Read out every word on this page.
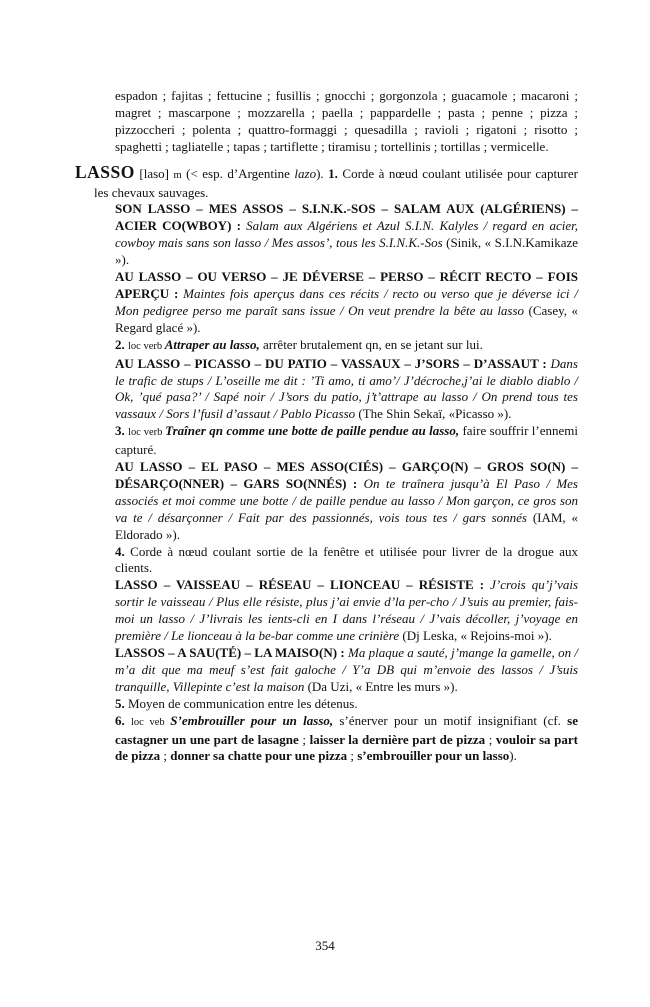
espadon ; fajitas ; fettucine ; fusillis ; gnocchi ; gorgonzola ; guacamole ; macaroni ; magret ; mascarpone ; mozzarella ; paella ; pappardelle ; pasta ; penne ; pizza ; pizzoccheri ; polenta ; quattro-formaggi ; quesadilla ; ravioli ; rigatoni ; risotto ; spaghetti ; tagliatelle ; tapas ; tartiflette ; tiramisu ; tortellinis ; tortillas ; vermicelle.

LASSO [laso] m (< esp. d’Argentine lazo). 1. Corde à nœud coulant utilisée pour capturer les chevaux sauvages.

SON LASSO – MES ASSOS – S.I.N.K.-SOS – SALAM AUX (ALGÉRIENS) – ACIER CO(WBOY) : Salam aux Algériens et Azul S.I.N. Kalyles / regard en acier, cowboy mais sans son lasso / Mes assos’, tous les S.I.N.K.-Sos (Sinik, « S.I.N.Kamikaze »).

AU LASSO – OU VERSO – JE DÉVERSE – PERSO – RÉCIT RECTO – FOIS APERÇU : Maintes fois aperçus dans ces récits / recto ou verso que je déverse ici / Mon pedigree perso me paraît sans issue / On veut prendre la bête au lasso (Casey, « Regard glacé »).

2. loc verb Attraper au lasso, arrêter brutalement qn, en se jetant sur lui.

AU LASSO – PICASSO – DU PATIO – VASSAUX – J’SORS – D’ASSAUT : Dans le trafic de stups / L’oseille me dit : ’Ti amo, ti amo’/ J’décroche,j’ai le diablo diablo / Ok, ’qué pasa?’ / Sapé noir / J’sors du patio, j’t’attrape au lasso / On prend tous tes vassaux / Sors l’fusil d’assaut / Pablo Picasso (The Shin Sekaï, «Picasso »).

3. loc verb Traîner qn comme une botte de paille pendue au lasso, faire souffrir l’ennemi capturé.

AU LASSO – EL PASO – MES ASSO(CIÉS) – GARÇO(N) – GROS SO(N) – DÉSARÇO(NNER) – GARS SO(NNÉS) : On te traînera jusqu’à El Paso / Mes associés et moi comme une botte / de paille pendue au lasso / Mon garçon, ce gros son va te / désarçonner / Fait par des passionnés, vois tous tes / gars sonnés (IAM, « Eldorado »).

4. Corde à nœud coulant sortie de la fenêtre et utilisée pour livrer de la drogue aux clients.

LASSO – VAISSEAU – RÉSEAU – LIONCEAU – RÉSISTE : J’crois qu’j’vais sortir le vaisseau / Plus elle résiste, plus j’ai envie d’la per-cho / J’suis au premier, fais-moi un lasso / J’livrais les ients-cli en I dans l’réseau / J’vais décoller, j’voyage en première / Le lionceau à la be-bar comme une crinière (Dj Leska, « Rejoins-moi »).

LASSOS – A SAU(TÉ) – LA MAISO(N) : Ma plaque a sauté, j’mange la gamelle, on / m’a dit que ma meuf s’est fait galoche / Y’a DB qui m’envoie des lassos / J’suis tranquille, Villepinte c’est la maison (Da Uzi, « Entre les murs »).

5. Moyen de communication entre les détenus.

6. loc veb S’embrouiller pour un lasso, s’énerver pour un motif insignifiant (cf. se castagner un une part de lasagne ; laisser la dernière part de pizza ; vouloir sa part de pizza ; donner sa chatte pour une pizza ; s’embrouiller pour un lasso).

354
